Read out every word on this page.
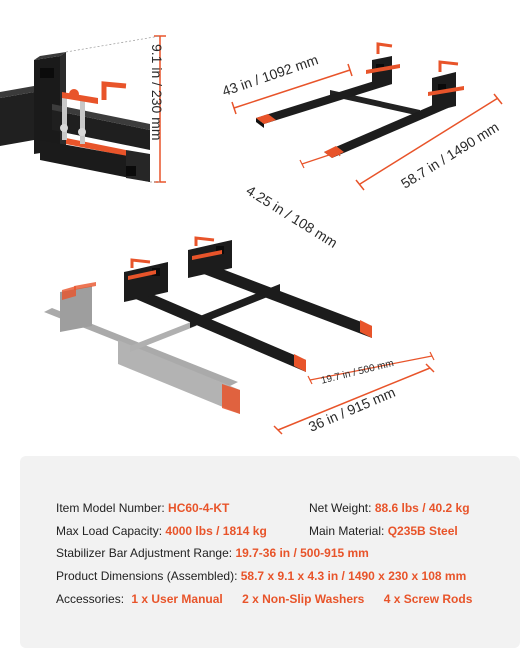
9.1 in / 230 mm	43 in / 1092 mm
58.7 in / 1490 mm
4.25 in / 108 mm
19.7 in / 500 mm
36 in / 915 mm
Item Model Number: HC60-4-KT	Net Weight: 88.6 lbs / 40.2 kg
Max Load Capacity: 4000 lbs / 1814 kg	Main Material: Q235B Steel
Stabilizer Bar Adjustment Range: 19.7-36 in / 500-915 mm
Product Dimensions (Assembled): 58.7 x 9.1 x 4.3 in / 1490 x 230 x 108 mm
Accessories: 1 x User Manual 2 x Non-Slip Washers 4 x Screw Rods
